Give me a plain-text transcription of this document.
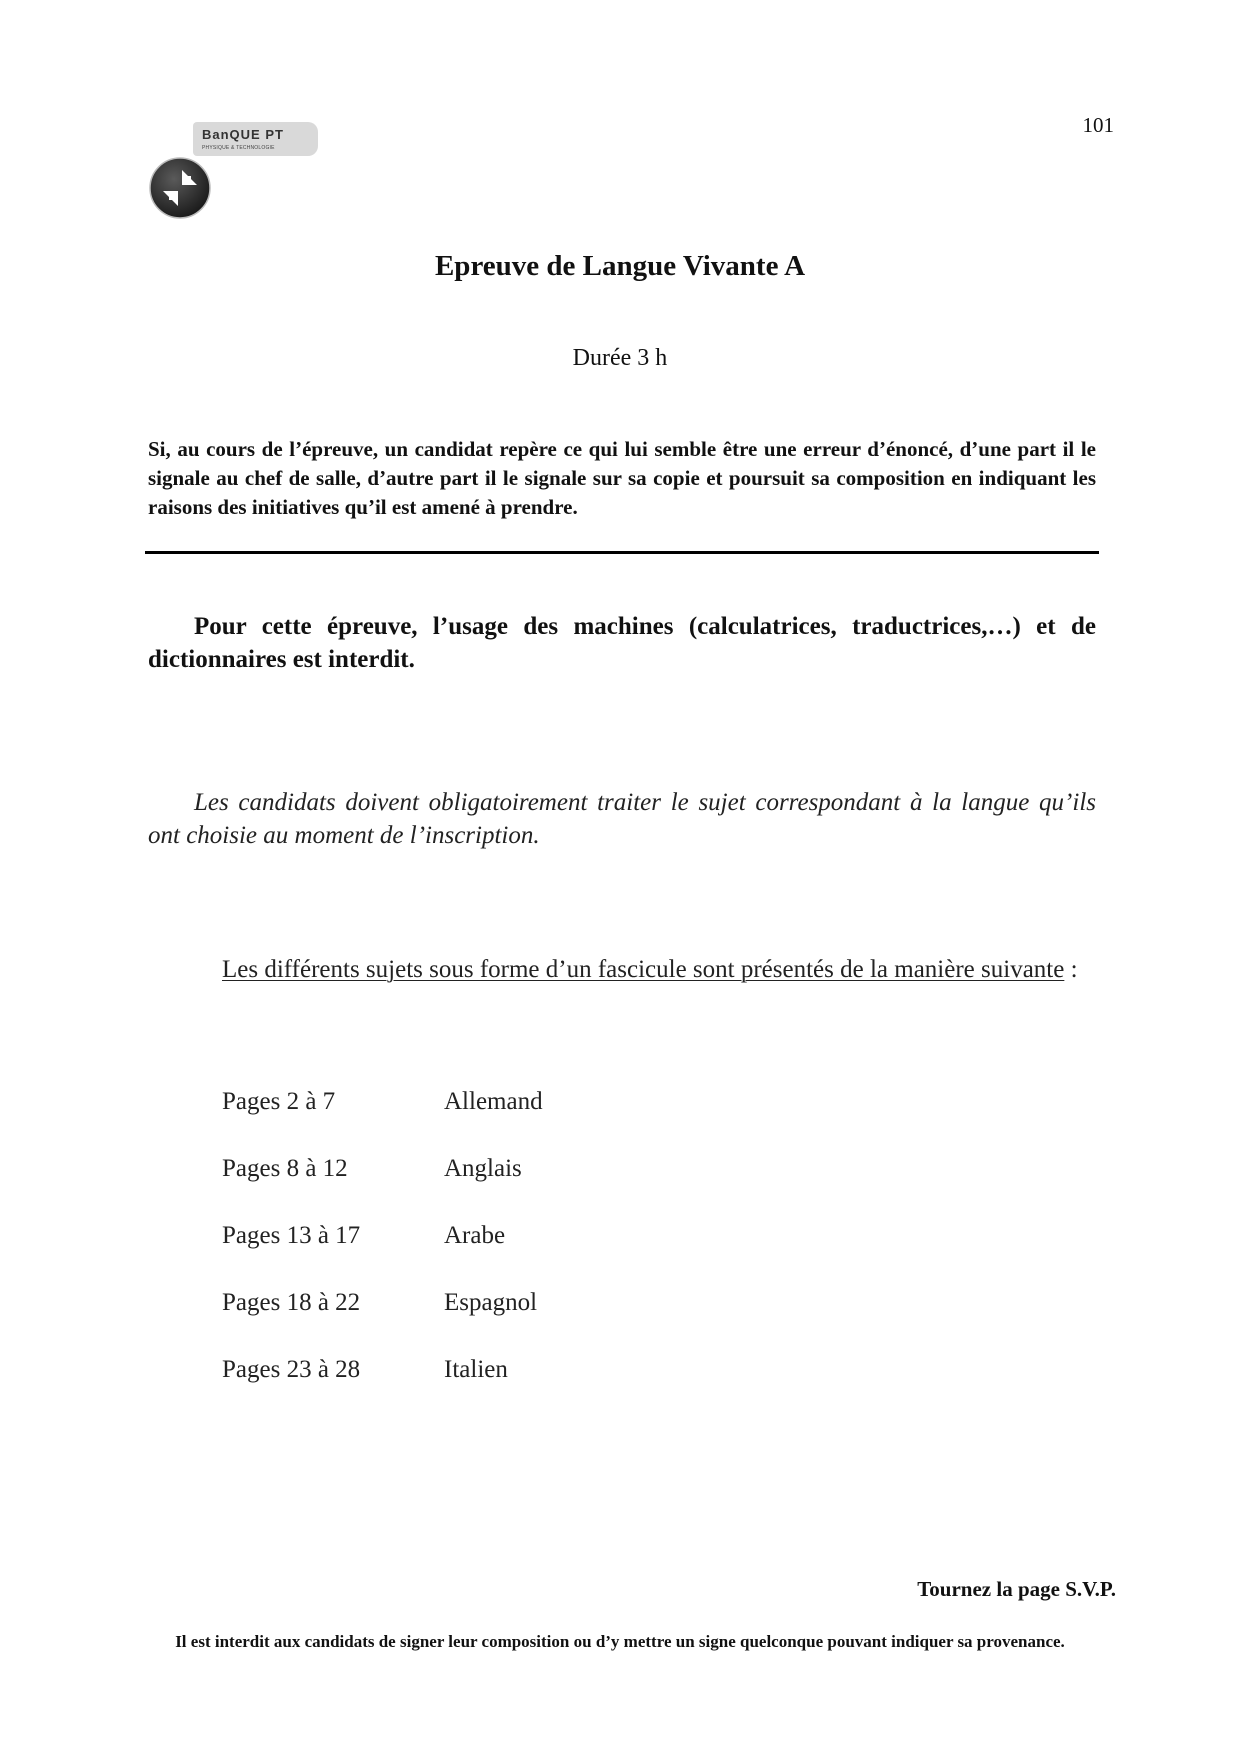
BanQUE PT
PHYSIQUE & TECHNOLOGIE
101
Epreuve de Langue Vivante A
Durée 3 h
Si, au cours de l’épreuve, un candidat repère ce qui lui semble être une erreur d’énoncé, d’une part il le signale au chef de salle, d’autre part il le signale sur sa copie et poursuit sa composition en indiquant les raisons des initiatives qu’il est amené à prendre.
Pour cette épreuve, l’usage des machines (calculatrices, traductrices,…) et de dictionnaires est interdit.
Les candidats doivent obligatoirement traiter le sujet correspondant à la langue qu’ils ont choisie au moment de l’inscription.
Les différents sujets sous forme d’un fascicule sont présentés de la manière suivante :
Pages 2 à 7	Allemand
Pages 8 à 12	Anglais
Pages 13 à 17	Arabe
Pages 18 à 22	Espagnol
Pages 23 à 28	Italien
Tournez la page S.V.P.
Il est interdit aux candidats de signer leur composition ou d’y mettre un signe quelconque pouvant indiquer sa provenance.
